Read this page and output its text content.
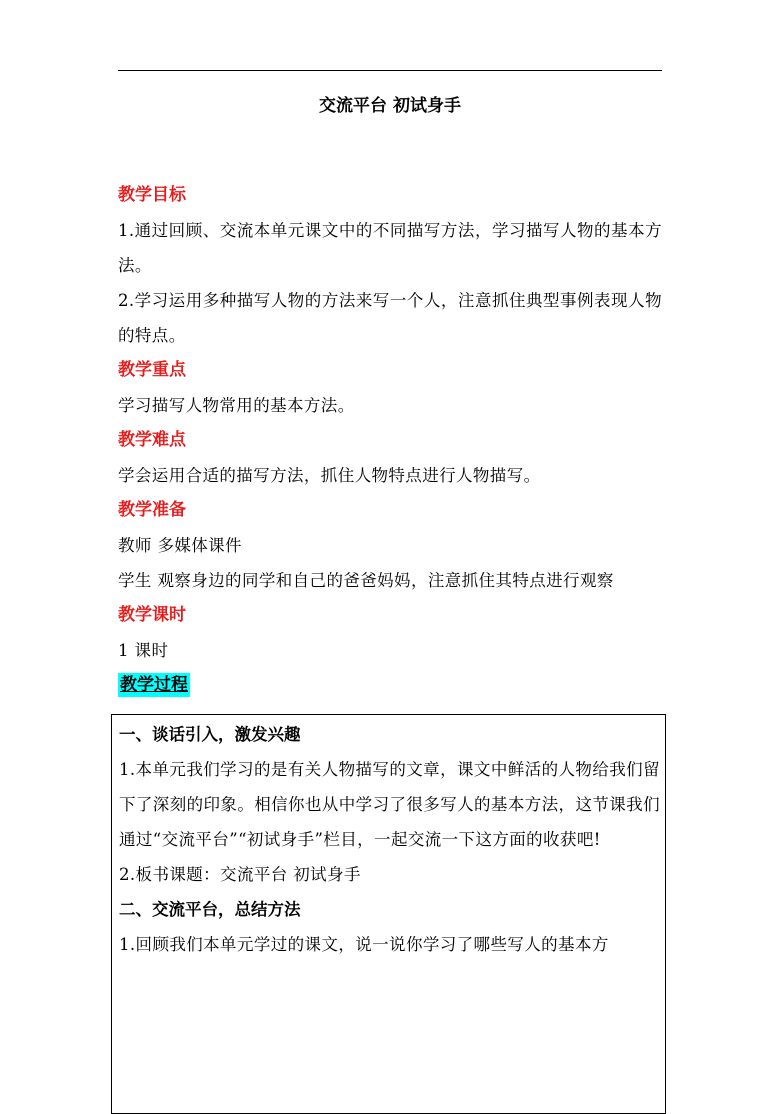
交流平台 初试身手

教学目标

1.通过回顾、交流本单元课文中的不同描写方法，学习描写人物的基本方法。

2.学习运用多种描写人物的方法来写一个人，注意抓住典型事例表现人物的特点。

教学重点

学习描写人物常用的基本方法。

教学难点

学会运用合适的描写方法，抓住人物特点进行人物描写。

教学准备

教师 多媒体课件

学生 观察身边的同学和自己的爸爸妈妈，注意抓住其特点进行观察

教学课时

1 课时

教学过程

一、谈话引入，激发兴趣

1.本单元我们学习的是有关人物描写的文章，课文中鲜活的人物给我们留下了深刻的印象。相信你也从中学习了很多写人的基本方法，这节课我们通过“交流平台”“初试身手”栏目，一起交流一下这方面的收获吧!

2.板书课题：交流平台 初试身手

二、交流平台，总结方法

1.回顾我们本单元学过的课文，说一说你学习了哪些写人的基本方
